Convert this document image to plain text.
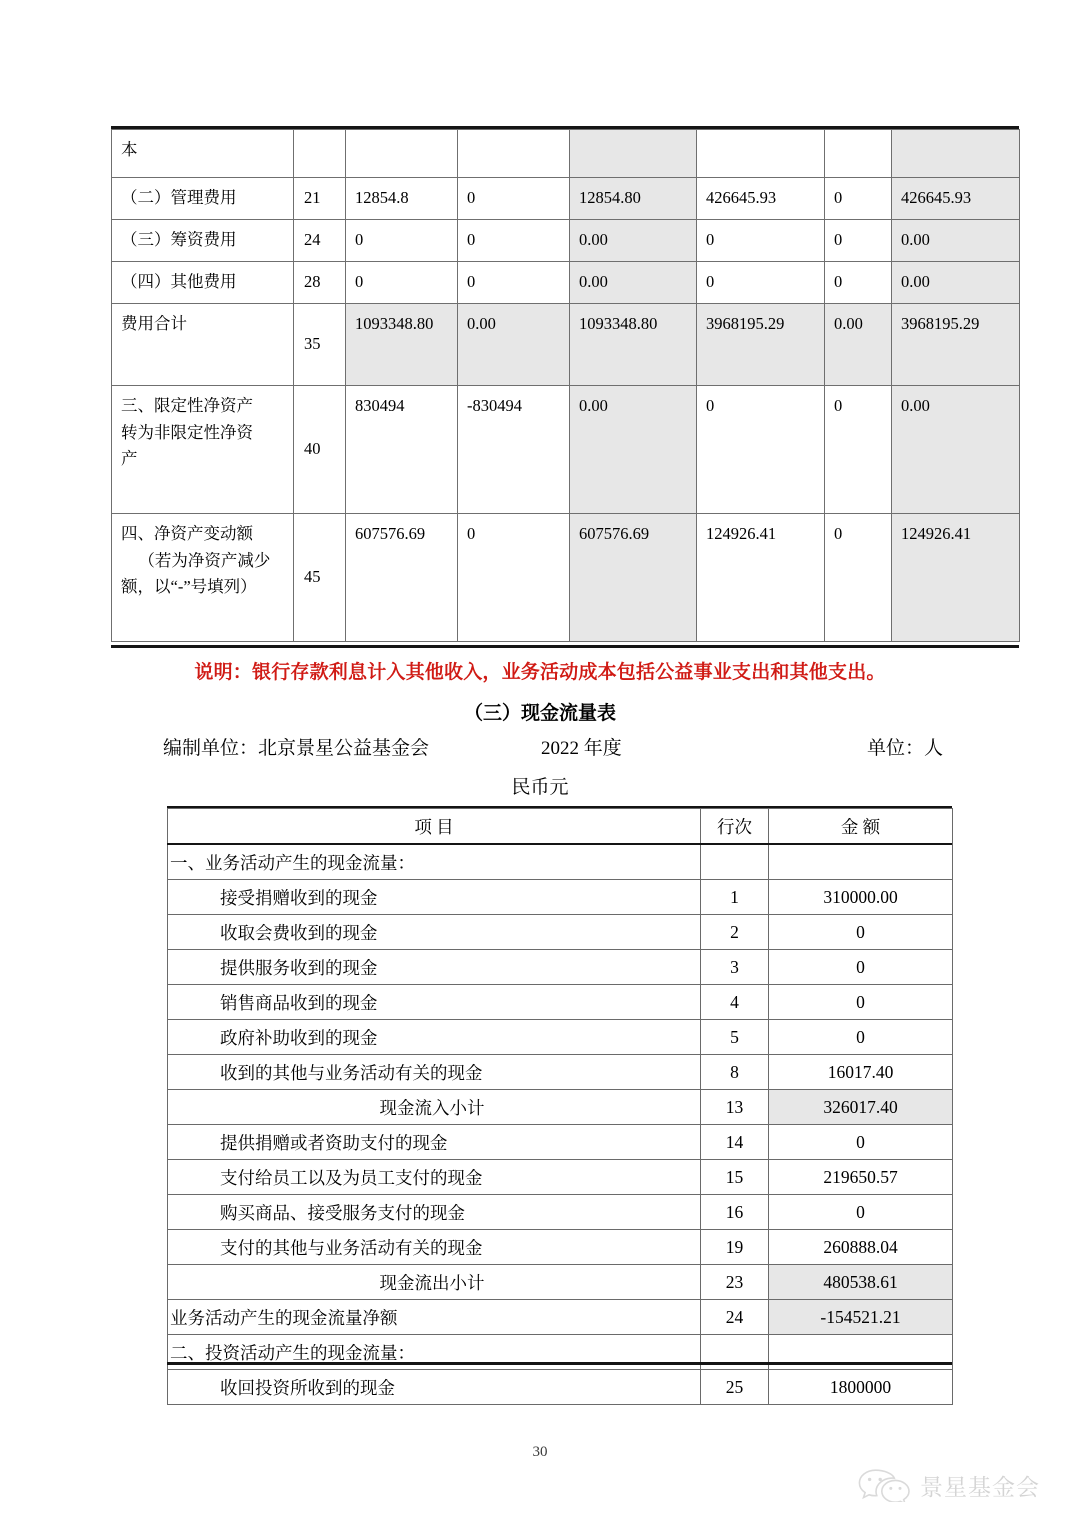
本							

（二）管理费用	21	12854.8	0	12854.80	426645.93	0	426645.93

（三）筹资费用	24	0	0	0.00	0	0	0.00

（四）其他费用	28	0	0	0.00	0	0	0.00

费用合计	35	1093348.80	0.00	1093348.80	3968195.29	0.00	3968195.29

三、限定性净资产
转为非限定性净资
产	40	830494	-830494	0.00	0	0	0.00

四、净资产变动额
（若为净资产减少
额，以“-”号填列）	45	607576.69	0	607576.69	124926.41	0	124926.41
说明：银行存款利息计入其他收入，业务活动成本包括公益事业支出和其他支出。
（三）现金流量表
编制单位：北京景星公益基金会	2022 年度	单位：人
民币元
项 目	行次	金 额
一、业务活动产生的现金流量：		
接受捐赠收到的现金	1	310000.00
收取会费收到的现金	2	0
提供服务收到的现金	3	0
销售商品收到的现金	4	0
政府补助收到的现金	5	0
收到的其他与业务活动有关的现金	8	16017.40
现金流入小计	13	326017.40
提供捐赠或者资助支付的现金	14	0
支付给员工以及为员工支付的现金	15	219650.57
购买商品、接受服务支付的现金	16	0
支付的其他与业务活动有关的现金	19	260888.04
现金流出小计	23	480538.61
业务活动产生的现金流量净额	24	-154521.21
二、投资活动产生的现金流量：		
收回投资所收到的现金	25	1800000
30
景星基金会
